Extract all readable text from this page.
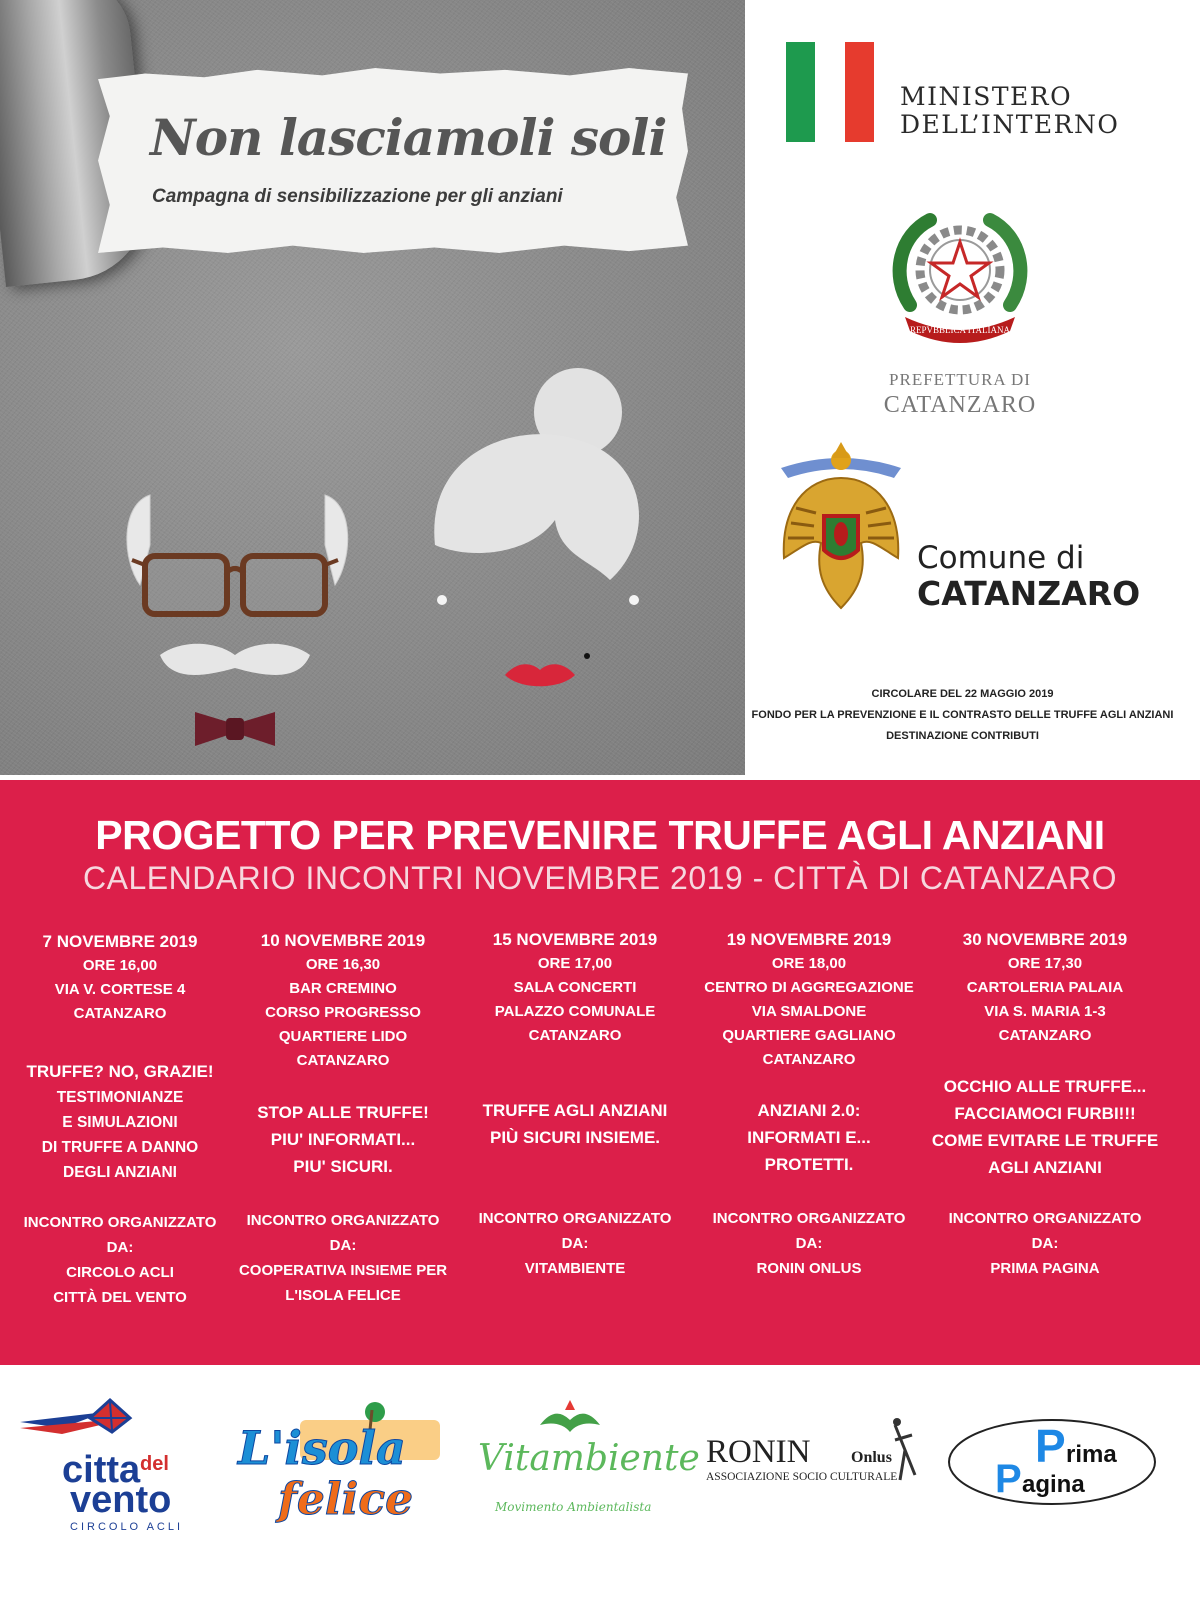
Non lasciamoli soli
Campagna di sensibilizzazione per gli anziani
MINISTERO
DELL’INTERNO
REPVBBLICA ITALIANA
PREFETTURA DI
CATANZARO
Comune di
CATANZARO
CIRCOLARE DEL 22 MAGGIO 2019
FONDO PER LA PREVENZIONE E IL CONTRASTO DELLE TRUFFE AGLI ANZIANI
DESTINAZIONE CONTRIBUTI
PROGETTO PER PREVENIRE TRUFFE AGLI ANZIANI
CALENDARIO INCONTRI NOVEMBRE 2019 - CITTÀ DI CATANZARO
7 NOVEMBRE 2019
ORE 16,00
VIA V. CORTESE 4
CATANZARO
TRUFFE? NO, GRAZIE!
TESTIMONIANZE
E SIMULAZIONI
DI TRUFFE A DANNO
DEGLI ANZIANI
INCONTRO ORGANIZZATO
DA:
CIRCOLO ACLI
CITTÀ DEL VENTO
10 NOVEMBRE 2019
ORE 16,30
BAR CREMINO
CORSO PROGRESSO
QUARTIERE LIDO
CATANZARO
STOP ALLE TRUFFE!
PIU' INFORMATI...
PIU' SICURI.
INCONTRO ORGANIZZATO
DA:
COOPERATIVA INSIEME PER
L'ISOLA FELICE
15 NOVEMBRE 2019
ORE 17,00
SALA CONCERTI
PALAZZO COMUNALE
CATANZARO
TRUFFE AGLI ANZIANI
PIÙ SICURI INSIEME.
INCONTRO ORGANIZZATO
DA:
VITAMBIENTE
19 NOVEMBRE 2019
ORE 18,00
CENTRO DI AGGREGAZIONE
VIA SMALDONE
QUARTIERE GAGLIANO
CATANZARO
ANZIANI 2.0:
INFORMATI E...
PROTETTI.
INCONTRO ORGANIZZATO
DA:
RONIN ONLUS
30 NOVEMBRE 2019
ORE 17,30
CARTOLERIA PALAIA
VIA S. MARIA 1-3
CATANZARO
OCCHIO ALLE TRUFFE...
FACCIAMOCI FURBI!!!
COME EVITARE LE TRUFFE
AGLI ANZIANI
INCONTRO ORGANIZZATO
DA:
PRIMA PAGINA
citta del
vento
CIRCOLO ACLI
L'isola
felice
Vitambiente
Movimento Ambientalista
RONIN	Onlus
ASSOCIAZIONE SOCIO CULTURALE
P rima
P agina
